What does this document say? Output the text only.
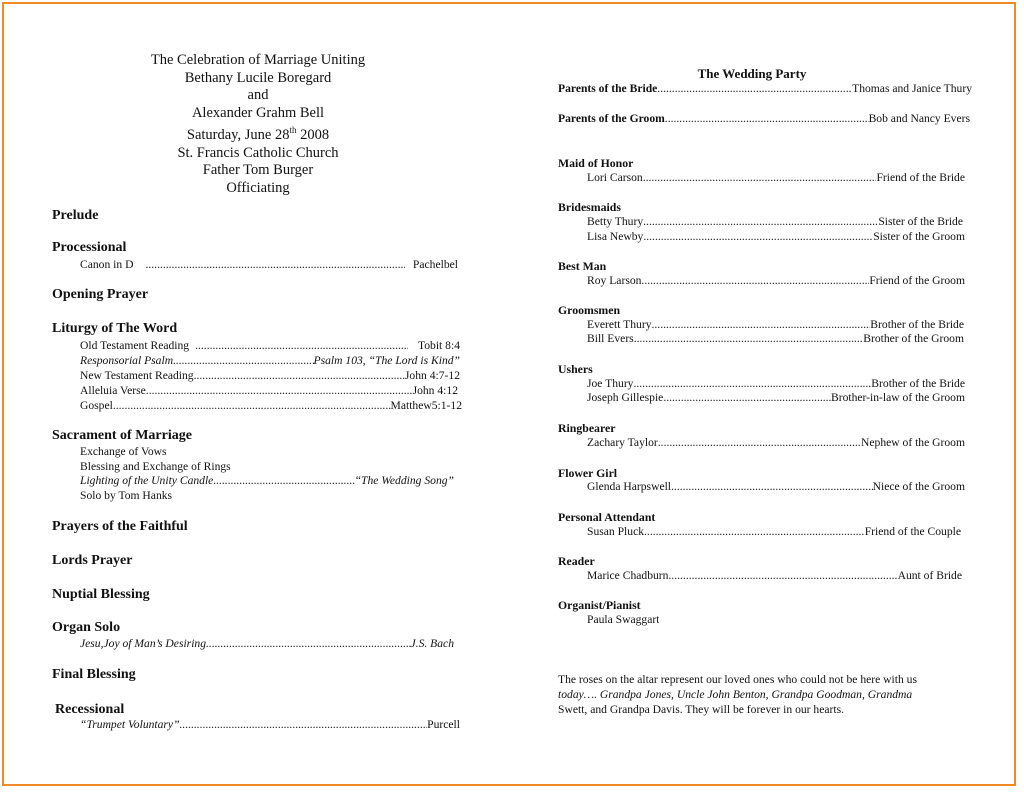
The Celebration of Marriage Uniting
Bethany Lucile Boregard
and
Alexander Grahm Bell
Saturday, June 28th 2008
St. Francis Catholic Church
Father Tom Burger
Officiating
Prelude
Processional
Canon in D .....	Pachelbel
Opening Prayer
Liturgy of The Word
Old Testament Reading .....	Tobit 8:4
Responsorial Psalm .....	Psalm 103, “The Lord is Kind”
New Testament Reading .....	John 4:7-12
Alleluia Verse .....	John 4:12
Gospel .....	Matthew5:1-12
Sacrament of Marriage
Exchange of Vows
Blessing and Exchange of Rings
Lighting of the Unity Candle .....	“The Wedding Song”
Solo by Tom Hanks
Prayers of the Faithful
Lords Prayer
Nuptial Blessing
Organ Solo
Jesu,Joy of Man’s Desiring .....	J.S. Bach
Final Blessing
Recessional
“Trumpet Voluntary” .....	Purcell
The Wedding Party
Parents of the Bride .....	Thomas and Janice Thury
Parents of the Groom .....	Bob and Nancy Evers
Maid of Honor
Lori Carson .....	Friend of the Bride
Bridesmaids
Betty Thury .....	Sister of the Bride
Lisa Newby .....	Sister of the Groom
Best Man
Roy Larson .....	Friend of the Groom
Groomsmen
Everett Thury .....	Brother of the Bride
Bill Evers .....	Brother of the Groom
Ushers
Joe Thury .....	Brother of the Bride
Joseph Gillespie .....	Brother-in-law of the Groom
Ringbearer
Zachary Taylor .....	Nephew of the Groom
Flower Girl
Glenda Harpswell .....	Niece of the Groom
Personal Attendant
Susan Pluck .....	Friend of the Couple
Reader
Marice Chadburn .....	Aunt of Bride
Organist/Pianist
Paula Swaggart
The roses on the altar represent our loved ones who could not be here with us
today…. Grandpa Jones, Uncle John Benton, Grandpa Goodman, Grandma
Swett, and Grandpa Davis. They will be forever in our hearts.
